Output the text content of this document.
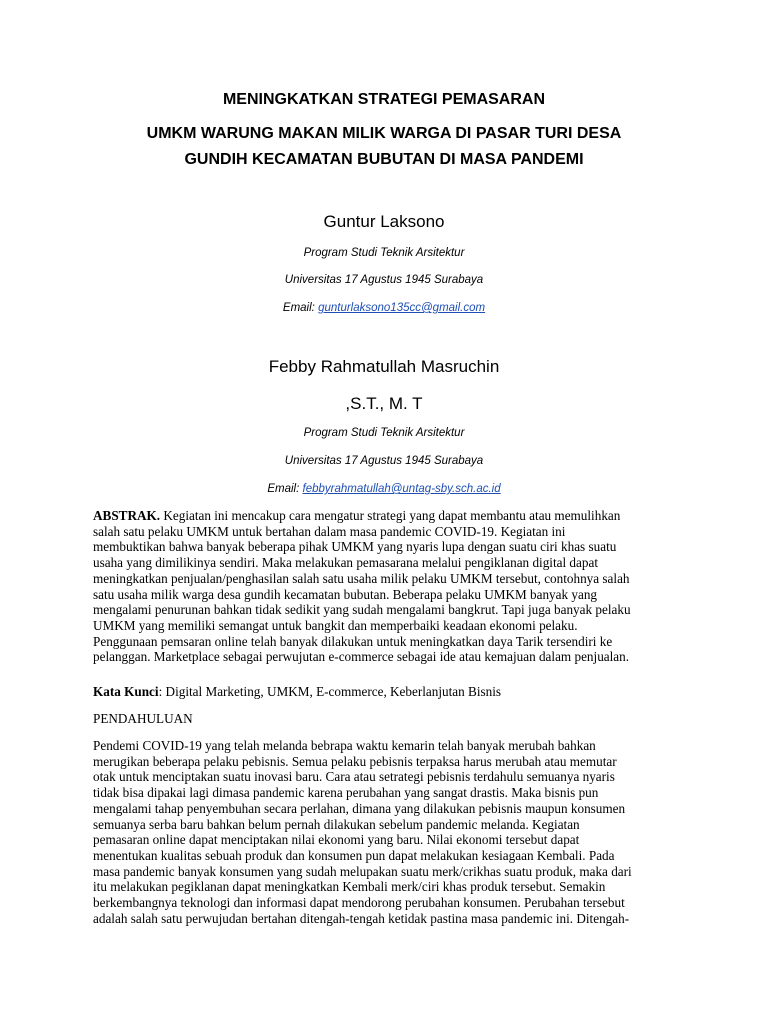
MENINGKATKAN STRATEGI PEMASARAN
UMKM WARUNG MAKAN MILIK WARGA DI PASAR TURI DESA
GUNDIH KECAMATAN BUBUTAN DI MASA PANDEMI
Guntur Laksono
Program Studi Teknik Arsitektur
Universitas 17 Agustus 1945 Surabaya
Email: gunturlaksono135cc@gmail.com
Febby Rahmatullah Masruchin
,S.T., M. T
Program Studi Teknik Arsitektur
Universitas 17 Agustus 1945 Surabaya
Email: febbyrahmatullah@untag-sby.sch.ac.id
ABSTRAK. Kegiatan ini mencakup cara mengatur strategi yang dapat membantu atau memulihkan
salah satu pelaku UMKM untuk bertahan dalam masa pandemic COVID-19. Kegiatan ini
membuktikan bahwa banyak beberapa pihak UMKM yang nyaris lupa dengan suatu ciri khas suatu
usaha yang dimilikinya sendiri. Maka melakukan pemasarana melalui pengiklanan digital dapat
meningkatkan penjualan/penghasilan salah satu usaha milik pelaku UMKM tersebut, contohnya salah
satu usaha milik warga desa gundih kecamatan bubutan. Beberapa pelaku UMKM banyak yang
mengalami penurunan bahkan tidak sedikit yang sudah mengalami bangkrut. Tapi juga banyak pelaku
UMKM yang memiliki semangat untuk bangkit dan memperbaiki keadaan ekonomi pelaku.
Penggunaan pemsaran online telah banyak dilakukan untuk meningkatkan daya Tarik tersendiri ke
pelanggan. Marketplace sebagai perwujutan e-commerce sebagai ide atau kemajuan dalam penjualan.
Kata Kunci: Digital Marketing, UMKM, E-commerce, Keberlanjutan Bisnis
PENDAHULUAN
Pendemi COVID-19 yang telah melanda bebrapa waktu kemarin telah banyak merubah bahkan
merugikan beberapa pelaku pebisnis. Semua pelaku pebisnis terpaksa harus merubah atau memutar
otak untuk menciptakan suatu inovasi baru. Cara atau setrategi pebisnis terdahulu semuanya nyaris
tidak bisa dipakai lagi dimasa pandemic karena perubahan yang sangat drastis. Maka bisnis pun
mengalami tahap penyembuhan secara perlahan, dimana yang dilakukan pebisnis maupun konsumen
semuanya serba baru bahkan belum pernah dilakukan sebelum pandemic melanda. Kegiatan
pemasaran online dapat menciptakan nilai ekonomi yang baru. Nilai ekonomi tersebut dapat
menentukan kualitas sebuah produk dan konsumen pun dapat melakukan kesiagaan Kembali. Pada
masa pandemic banyak konsumen yang sudah melupakan suatu merk/crikhas suatu produk, maka dari
itu melakukan pegiklanan dapat meningkatkan Kembali merk/ciri khas produk tersebut. Semakin
berkembangnya teknologi dan informasi dapat mendorong perubahan konsumen. Perubahan tersebut
adalah salah satu perwujudan bertahan ditengah-tengah ketidak pastina masa pandemic ini. Ditengah-
